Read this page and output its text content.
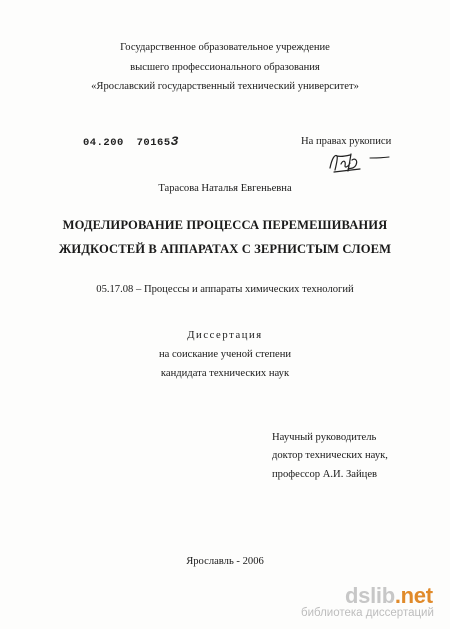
Государственное образовательное учреждение
высшего профессионального образования
«Ярославский государственный технический университет»
04.200 701653	На правах рукописи
Тарасова Наталья Евгеньевна
МОДЕЛИРОВАНИЕ ПРОЦЕССА ПЕРЕМЕШИВАНИЯ
ЖИДКОСТЕЙ В АППАРАТАХ С ЗЕРНИСТЫМ СЛОЕМ
05.17.08 – Процессы и аппараты химических технологий
Диссертация
на соискание ученой степени
кандидата технических наук
Научный руководитель
доктор технических наук,
профессор А.И. Зайцев
Ярославль - 2006
dslib.net
библиотека диссертаций
